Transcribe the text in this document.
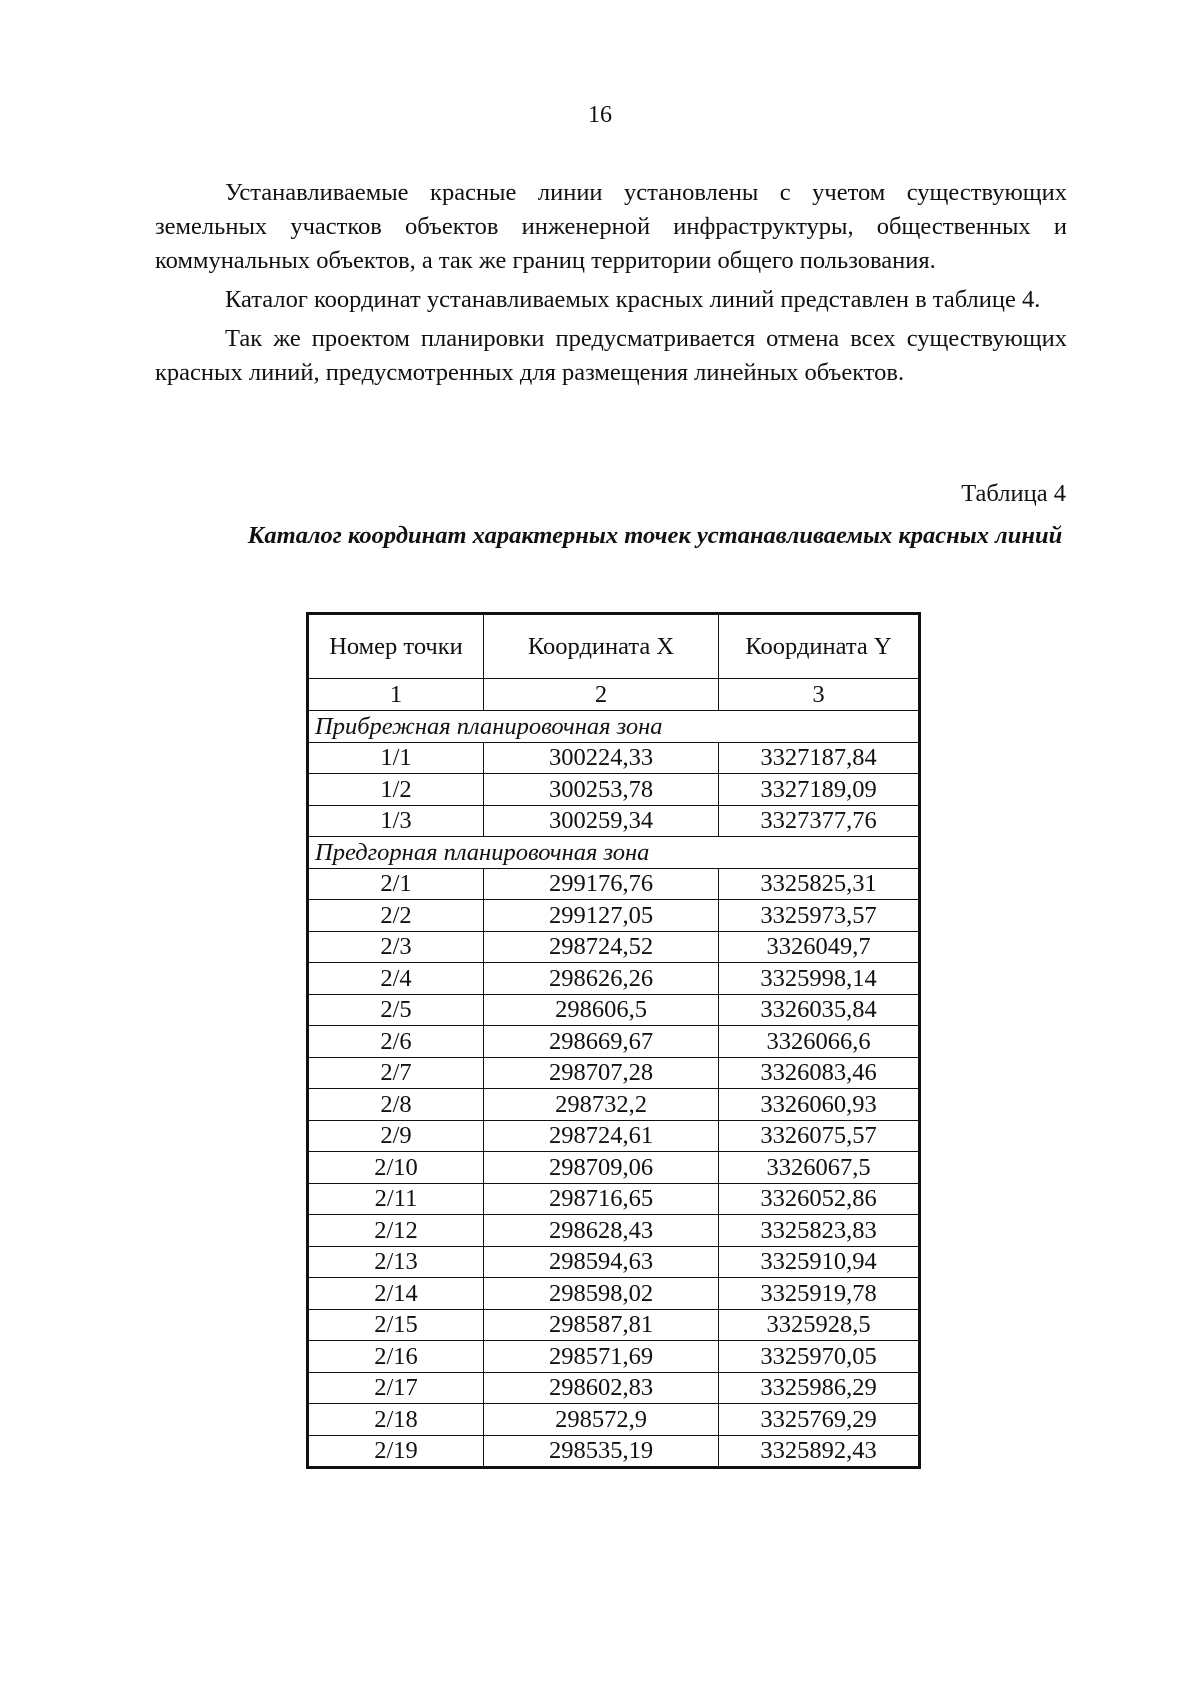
16

Устанавливаемые красные линии установлены с учетом существующих земельных участков объектов инженерной инфраструктуры, общественных и коммунальных объектов, а так же границ территории общего пользования.

Каталог координат устанавливаемых красных линий представлен в таблице 4.

Так же проектом планировки предусматривается отмена всех существующих красных линий, предусмотренных для размещения линейных объектов.

Таблица 4
Каталог координат характерных точек устанавливаемых красных линий
Номер точки	Координата X	Координата Y
1	2	3
Прибрежная планировочная зона		
1/1	300224,33	3327187,84
1/2	300253,78	3327189,09
1/3	300259,34	3327377,76
Предгорная планировочная зона		
2/1	299176,76	3325825,31
2/2	299127,05	3325973,57
2/3	298724,52	3326049,7
2/4	298626,26	3325998,14
2/5	298606,5	3326035,84
2/6	298669,67	3326066,6
2/7	298707,28	3326083,46
2/8	298732,2	3326060,93
2/9	298724,61	3326075,57
2/10	298709,06	3326067,5
2/11	298716,65	3326052,86
2/12	298628,43	3325823,83
2/13	298594,63	3325910,94
2/14	298598,02	3325919,78
2/15	298587,81	3325928,5
2/16	298571,69	3325970,05
2/17	298602,83	3325986,29
2/18	298572,9	3325769,29
2/19	298535,19	3325892,43
